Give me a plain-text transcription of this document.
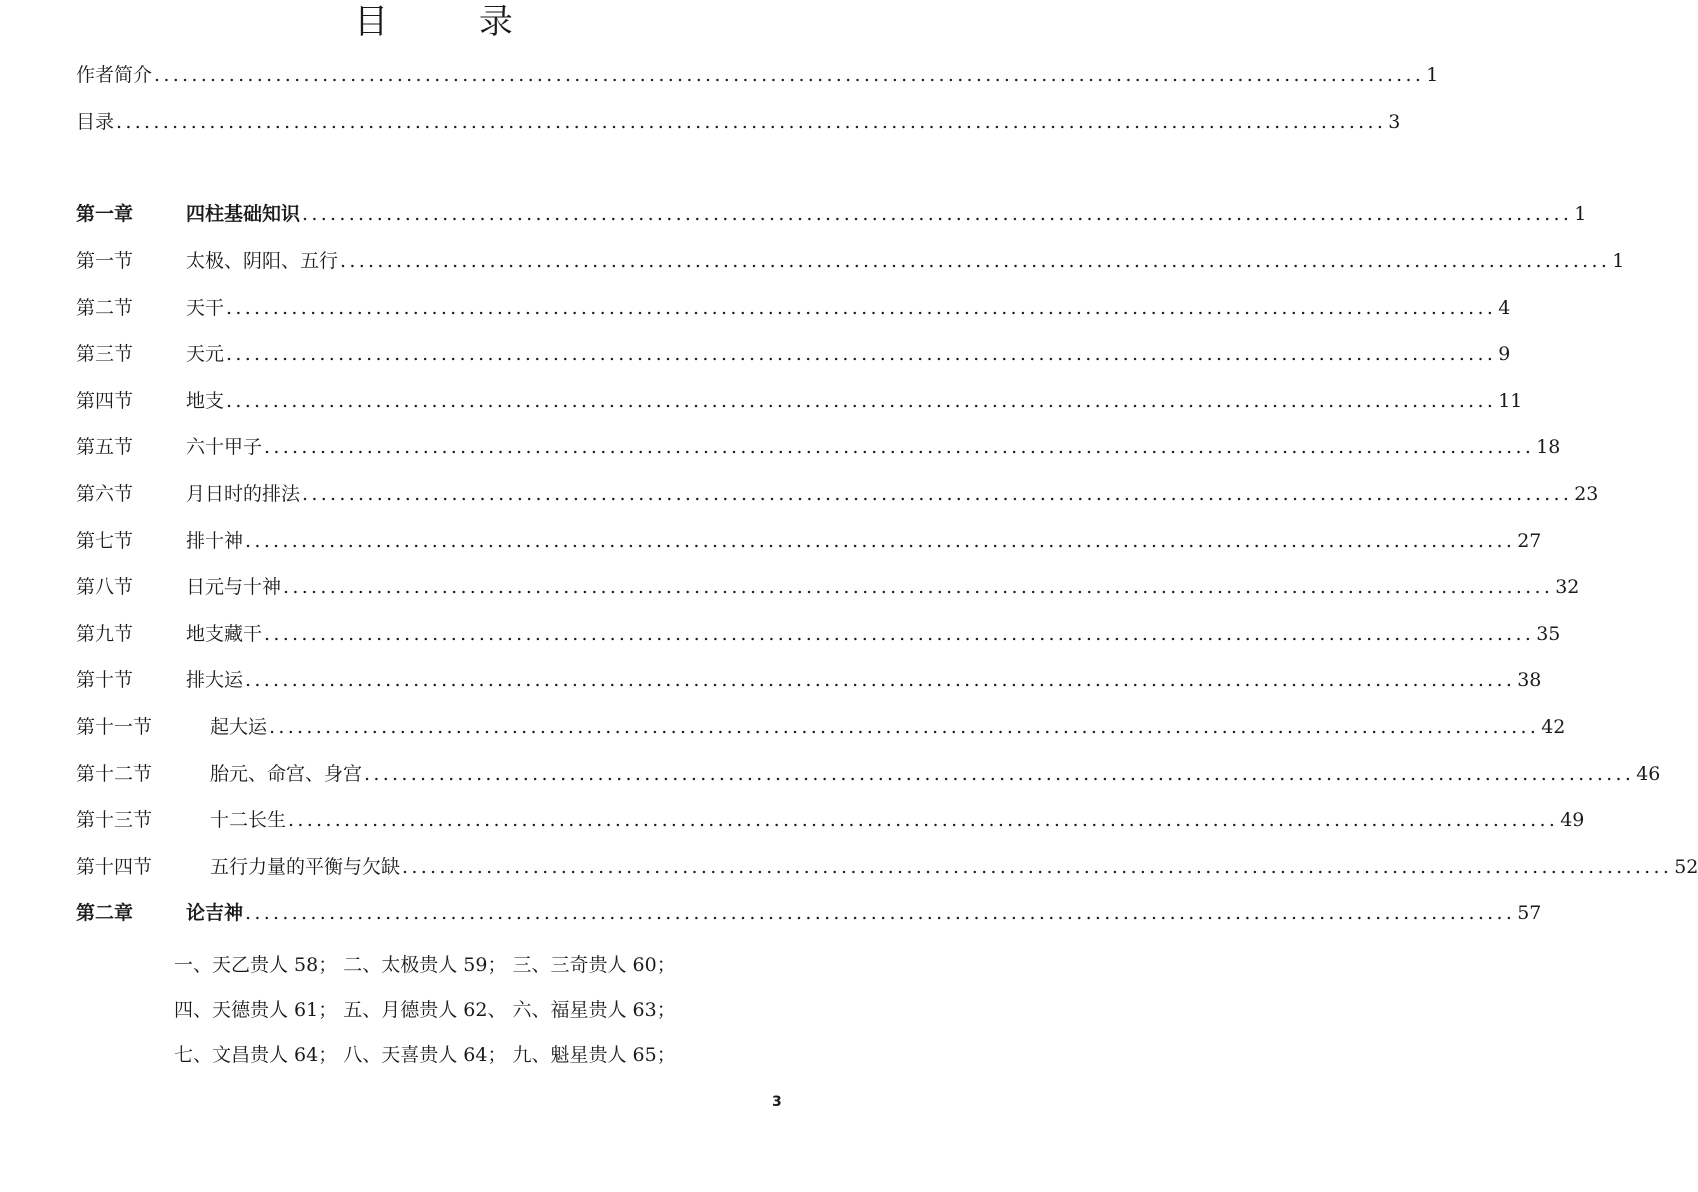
目 录
作者简介 ........................................................................................................................................ 1
目录 ........................................................................................................................................ 3
第一章	四柱基础知识 ........................................................................................................................................ 1
第一节	太极、阴阳、五行 ........................................................................................................................................ 1
第二节	天干 ........................................................................................................................................ 4
第三节	天元 ........................................................................................................................................ 9
第四节	地支 ........................................................................................................................................ 11
第五节	六十甲子 ........................................................................................................................................ 18
第六节	月日时的排法 ........................................................................................................................................ 23
第七节	排十神 ........................................................................................................................................ 27
第八节	日元与十神 ........................................................................................................................................ 32
第九节	地支藏干 ........................................................................................................................................ 35
第十节	排大运 ........................................................................................................................................ 38
第十一节	起大运 ........................................................................................................................................ 42
第十二节	胎元、命宫、身宫 ........................................................................................................................................ 46
第十三节	十二长生 ........................................................................................................................................ 49
第十四节	五行力量的平衡与欠缺 ........................................................................................................................................ 52
第二章	论吉神 ........................................................................................................................................ 57
一、天乙贵人 58； 二、太极贵人 59； 三、三奇贵人 60；
四、天德贵人 61； 五、月德贵人 62、 六、福星贵人 63；
七、文昌贵人 64； 八、天喜贵人 64； 九、魁星贵人 65；
3
